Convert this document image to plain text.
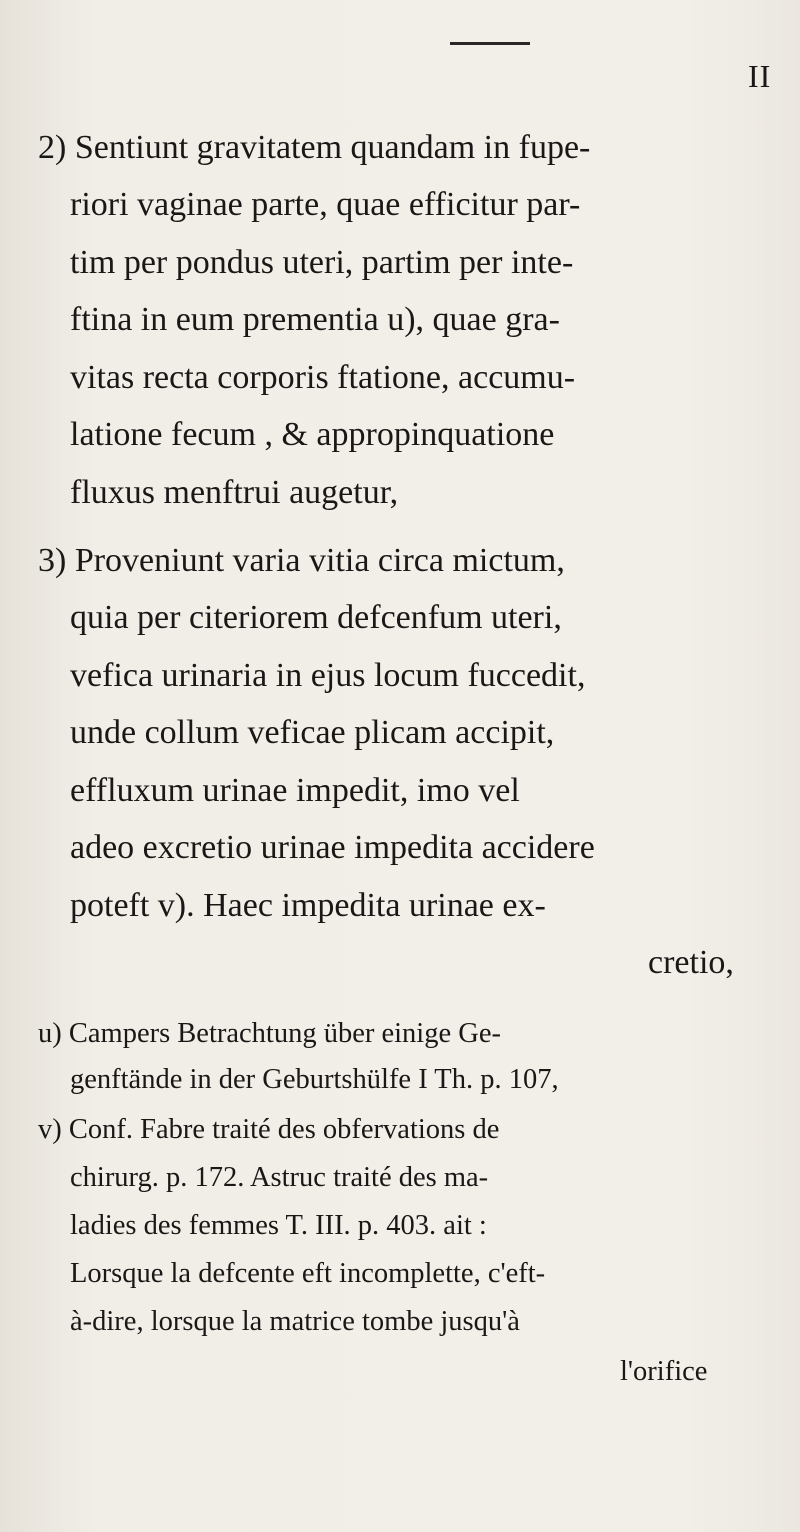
II
2) Sentiunt gravitatem quandam in fupe-
riori vaginae parte, quae efficitur par-
tim per pondus uteri, partim per inte-
ftina in eum prementia u), quae gra-
vitas recta corporis ftatione, accumu-
latione fecum , & appropinquatione
fluxus menftrui augetur,
3) Proveniunt varia vitia circa mictum,
quia per citeriorem defcenfum uteri,
vefica urinaria in ejus locum fuccedit,
unde collum veficae plicam accipit,
effluxum urinae impedit, imo vel
adeo excretio urinae impedita accidere
poteft v). Haec impedita urinae ex-
cretio,
u) Campers Betrachtung über einige Ge-
genftände in der Geburtshülfe I Th. p. 107,
v) Conf. Fabre traité des obfervations de
chirurg. p. 172. Astruc traité des ma-
ladies des femmes T. III. p. 403. ait :
Lorsque la defcente eft incomplette, c'eft-
à-dire, lorsque la matrice tombe jusqu'à
l'orifice
